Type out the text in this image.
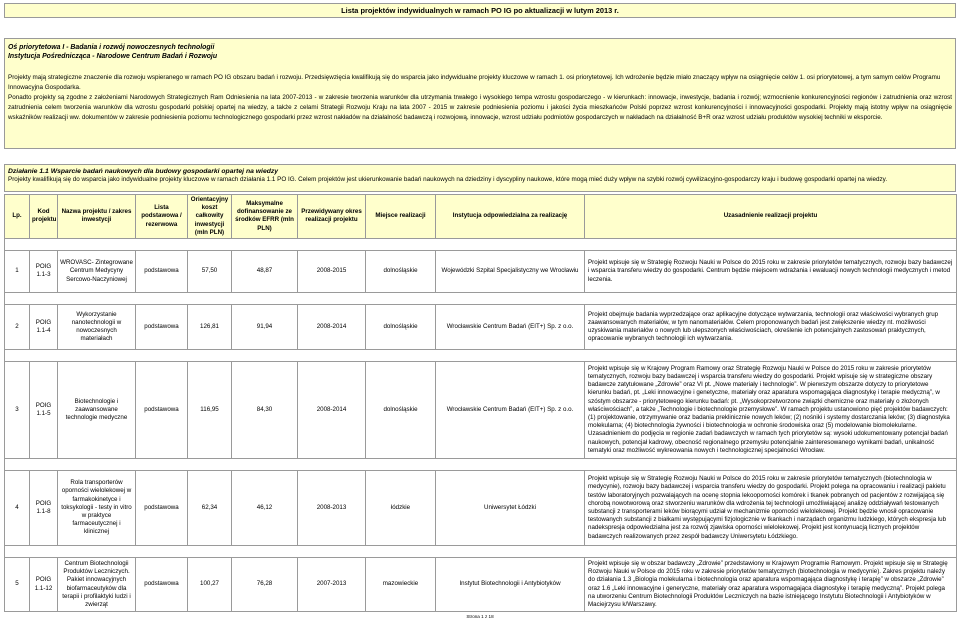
Lista projektów indywidualnych w ramach PO IG po aktualizacji w lutym 2013 r.
Oś priorytetowa I - Badania i rozwój nowoczesnych technologii
Instytucja Pośrednicząca - Narodowe Centrum Badań i Rozwoju
Projekty mają strategiczne znaczenie dla rozwoju wspieranego w ramach PO IG obszaru badań i rozwoju. Przedsięwzięcia kwalifikują się do wsparcia jako indywidualne projekty kluczowe w ramach 1. osi priorytetowej. Ich wdrożenie będzie miało znaczący wpływ na osiągnięcie celów 1. osi priorytetowej, a tym samym celów Programu Innowacyjna Gospodarka.
Ponadto projekty są zgodne z założeniami Narodowych Strategicznych Ram Odniesienia na lata 2007-2013 - w zakresie tworzenia warunków dla utrzymania trwałego i wysokiego tempa wzrostu gospodarczego - w kierunkach: innowacje, inwestycje, badania i rozwój; wzmocnienie konkurencyjności regionów i zatrudnienia oraz wzrost zatrudnienia celem tworzenia warunków dla wzrostu gospodarki polskiej opartej na wiedzy, a także z celami Strategii Rozwoju Kraju na lata 2007 - 2015 w zakresie podniesienia poziomu i jakości życia mieszkańców Polski poprzez wzrost konkurencyjności i innowacyjności gospodarki. Projekty mają istotny wpływ na osiągnięcie wskaźników realizacji ww. dokumentów w zakresie podniesienia poziomu technologicznego gospodarki przez wzrost nakładów na działalność badawczą i rozwojową, innowacje, wzrost udziału podmiotów gospodarczych w nakładach na działalność B+R oraz wzrost udziału produktów wysokiej techniki w eksporcie.
Działanie 1.1 Wsparcie badań naukowych dla budowy gospodarki opartej na wiedzy
Projekty kwalifikują się do wsparcia jako indywidualne projekty kluczowe w ramach działania 1.1 PO IG. Celem projektów jest ukierunkowanie badań naukowych na dziedziny i dyscypliny naukowe, które mogą mieć duży wpływ na szybki rozwój cywilizacyjno-gospodarczy kraju i budowę gospodarki opartej na wiedzy.
Lp.	Kod projektu	Nazwa projektu / zakres inwestycji	Lista podstawowa / rezerwowa	Orientacyjny koszt całkowity inwestycji (mln PLN)	Maksymalne dofinansowanie ze środków EFRR (mln PLN)	Przewidywany okres realizacji projektu	Miejsce realizacji	Instytucja odpowiedzialna za realizację	Uzasadnienie realizacji projektu

1	POIG 1.1-3	WROVASC- Zintegrowane Centrum Medycyny Sercowo-Naczyniowej	podstawowa	57,50	48,87	2008-2015	dolnośląskie	Wojewódzki Szpital Specjalistyczny we Wrocławiu	Projekt wpisuje się w Strategię Rozwoju Nauki w Polsce do 2015 roku w zakresie priorytetów tematycznych, rozwoju bazy badawczej i wsparcia transferu wiedzy do gospodarki. Centrum będzie miejscem wdrażania i ewaluacji nowych technologii medycznych i metod leczenia.

2	POIG 1.1-4	Wykorzystanie nanotechnologii w nowoczesnych materiałach	podstawowa	126,81	91,94	2008-2014	dolnośląskie	Wrocławskie Centrum Badań (EIT+) Sp. z o.o.	Projekt obejmuje badania wyprzedzające oraz aplikacyjne dotyczące wytwarzania, technologii oraz właściwości wybranych grup zaawansowanych materiałów, w tym nanomateriałów. Celem proponowanych badań jest zwiększenie wiedzy nt. możliwości uzyskiwania materiałów o nowych lub ulepszonych właściwościach, określenie ich potencjalnych zastosowań praktycznych, opracowanie wybranych technologii ich wytwarzania.

3	POIG 1.1-5	Biotechnologie i zaawansowane technologie medyczne	podstawowa	116,95	84,30	2008-2014	dolnośląskie	Wrocławskie Centrum Badań (EIT+) Sp. z o.o.	Projekt wpisuje się w Krajowy Program Ramowy oraz Strategię Rozwoju Nauki w Polsce do 2015 roku w zakresie priorytetów tematycznych, rozwoju bazy badawczej i wsparcia transferu wiedzy do gospodarki. Projekt wpisuje się w strategiczne obszary badawcze zatytułowane „Zdrowie” oraz VI pt. „Nowe materiały i technologie”. W pierwszym obszarze dotyczy to priorytetowe kierunku badań, pt. „Leki innowacyjne i genetyczne, materiały oraz aparatura wspomagająca diagnostykę i terapie medyczną”, w szóstym obszarze - priorytetowego kierunku badań: pt. „Wysokoprzetworzone związki chemiczne oraz materiały o złożonych właściwościach”, a także „Technologie i biotechnologie przemysłowe”. W ramach projektu ustanowiono pięć projektów badawczych: (1) projektowanie, otrzymywanie oraz badania preklinicznie nowych leków; (2) nośniki i systemy dostarczania leków; (3) diagnostyka molekularna; (4) biotechnologia żywności i biotechnologia w ochronie środowiska oraz (5) modelowanie biomolekularne. Uzasadnieniem do podjęcia w regionie zadań badawczych w ramach tych priorytetów są: wysoki udokumentowany potencjał badań naukowych, potencjał kadrowy, obecność regionalnego przemysłu potencjalnie zainteresowanego wynikami badań, unikalność tematyki oraz możliwość wykreowania nowych i technologicznej specjalności Wrocław.

4	POIG 1.1-8	Rola transporterów oporności wielolekowej w farmakokinetyce i toksykologii - testy in vitro w praktyce farmaceutycznej i klinicznej	podstawowa	62,34	46,12	2008-2013	łódzkie	Uniwersytet Łódzki	Projekt wpisuje się w Strategię Rozwoju Nauki w Polsce do 2015 roku w zakresie priorytetów tematycznych (biotechnologia w medycynie), rozwoju bazy badawczej i wsparcia transferu wiedzy do gospodarki. Projekt polega na opracowaniu i realizacji pakietu testów laboratoryjnych pozwalających na ocenę stopnia lekooporności komórek i tkanek pobranych od pacjentów z rozwijającą się chorobą nowotworową oraz stworzeniu warunków dla wdrożenia tej technologii umożliwiającej analizę oddziaływań testowanych substancji z transporterami leków biorącymi udział w mechanizmie oporności wielolekowej. Projekt będzie wnosił opracowanie testowanych substancji z białkami występującymi fizjologicznie w tkankach i narządach organizmu ludzkiego, których ekspresja lub nadekspresja odpowiedzialna jest za rozwój zjawiska oporności wielolekowej. Projekt jest kontynuacją licznych projektów badawczych realizowanych przez zespół badawczy Uniwersytetu Łódzkiego.

5	POIG 1.1-12	Centrum Biotechnologii Produktów Leczniczych. Pakiet innowacyjnych biofarmaceutyków dla terapii i profilaktyki ludzi i zwierząt	podstawowa	100,27	76,28	2007-2013	mazowieckie	Instytut Biotechnologii i Antybiotyków	Projekt wpisuje się w obszar badawczy „Zdrowie” przedstawiony w Krajowym Programie Ramowym. Projekt wpisuje się w Strategię Rozwoju Nauki w Polsce do 2015 roku w zakresie priorytetów tematycznych (biotechnologia w medycynie). Zakres projektu należy do działania 1.3 „Biologia molekularna i biotechnologia oraz aparatura wspomagająca diagnostykę i terapię” w obszarze „Zdrowie” oraz 1.6 „Leki innowacyjne i generyczne, materiały oraz aparatura wspomagająca diagnostykę i terapię medyczną”. Projekt polega na utworzeniu Centrum Biotechnologii Produktów Leczniczych na bazie istniejącego Instytutu Biotechnologii i Antybiotyków w Maciejrzysu k/Warszawy.
Strona 1 z 18
